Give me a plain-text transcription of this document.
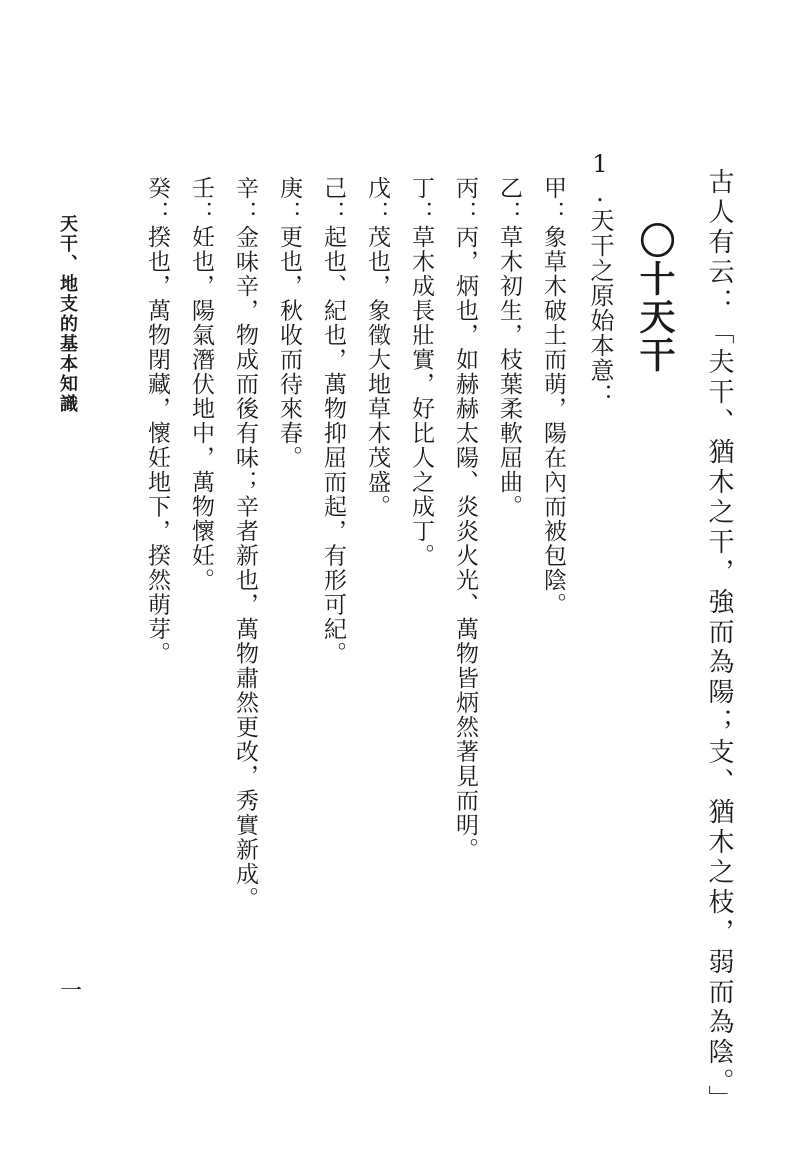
古人有云：「夫干、猶木之干，強而為陽；支、猶木之枝，弱而為陰。」
〇十天干
1.天干之原始本意：
甲：象草木破土而萌，陽在內而被包陰。
乙：草木初生，枝葉柔軟屈曲。
丙：丙，炳也，如赫赫太陽、炎炎火光、萬物皆炳然著見而明。
丁：草木成長壯實，好比人之成丁。
戊：茂也，象徵大地草木茂盛。
己：起也、紀也，萬物抑屈而起，有形可紀。
庚：更也，秋收而待來春。
辛：金味辛，物成而後有味；辛者新也，萬物肅然更改，秀實新成。
壬：妊也，陽氣潛伏地中，萬物懷妊。
癸：揆也，萬物閉藏，懷妊地下，揆然萌芽。
天干、地支的基本知識
一
